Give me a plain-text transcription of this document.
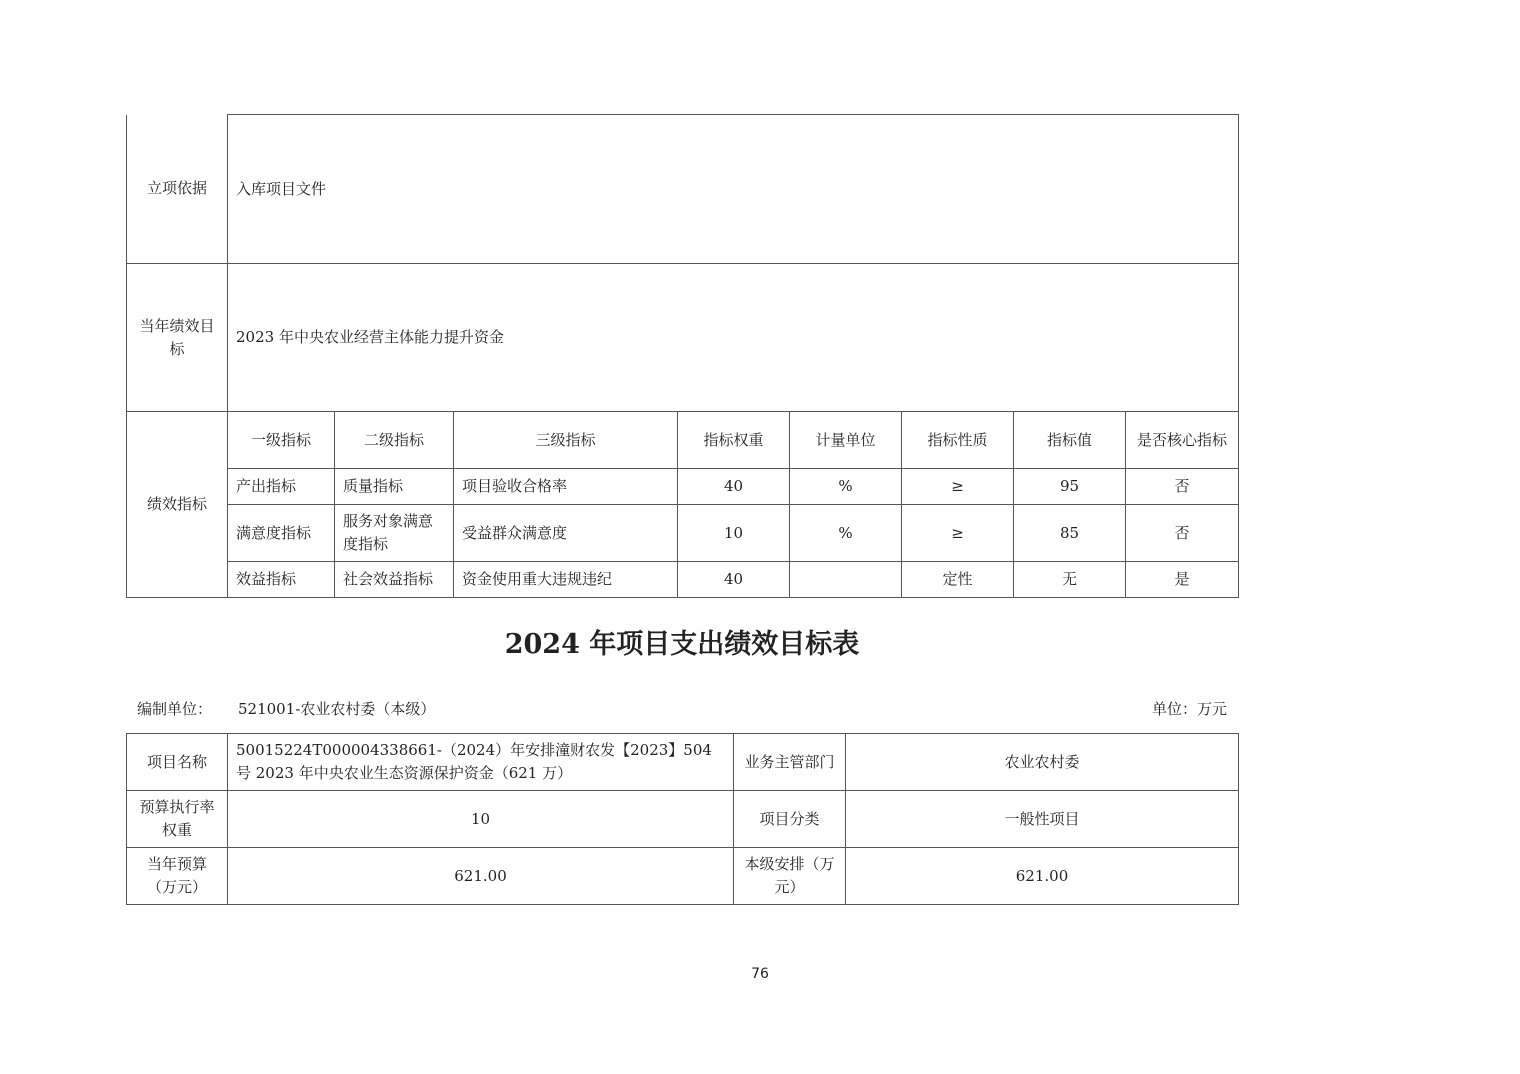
立项依据	入库项目文件							
当年绩效目标	2023 年中央农业经营主体能力提升资金							
绩效指标	一级指标	二级指标	三级指标	指标权重	计量单位	指标性质	指标值	是否核心指标
	产出指标	质量指标	项目验收合格率	40	%	≥	95	否
	满意度指标	服务对象满意度指标	受益群众满意度	10	%	≥	85	否
	效益指标	社会效益指标	资金使用重大违规违纪	40		定性	无	是
2024 年项目支出绩效目标表
编制单位： 521001-农业农村委（本级）	单位：万元
项目名称	50015224T000004338661-（2024）年安排潼财农发【2023】504 号 2023 年中央农业生态资源保护资金（621 万）	业务主管部门	农业农村委
预算执行率权重	10	项目分类	一般性项目
当年预算（万元）	621.00	本级安排（万元）	621.00
76
